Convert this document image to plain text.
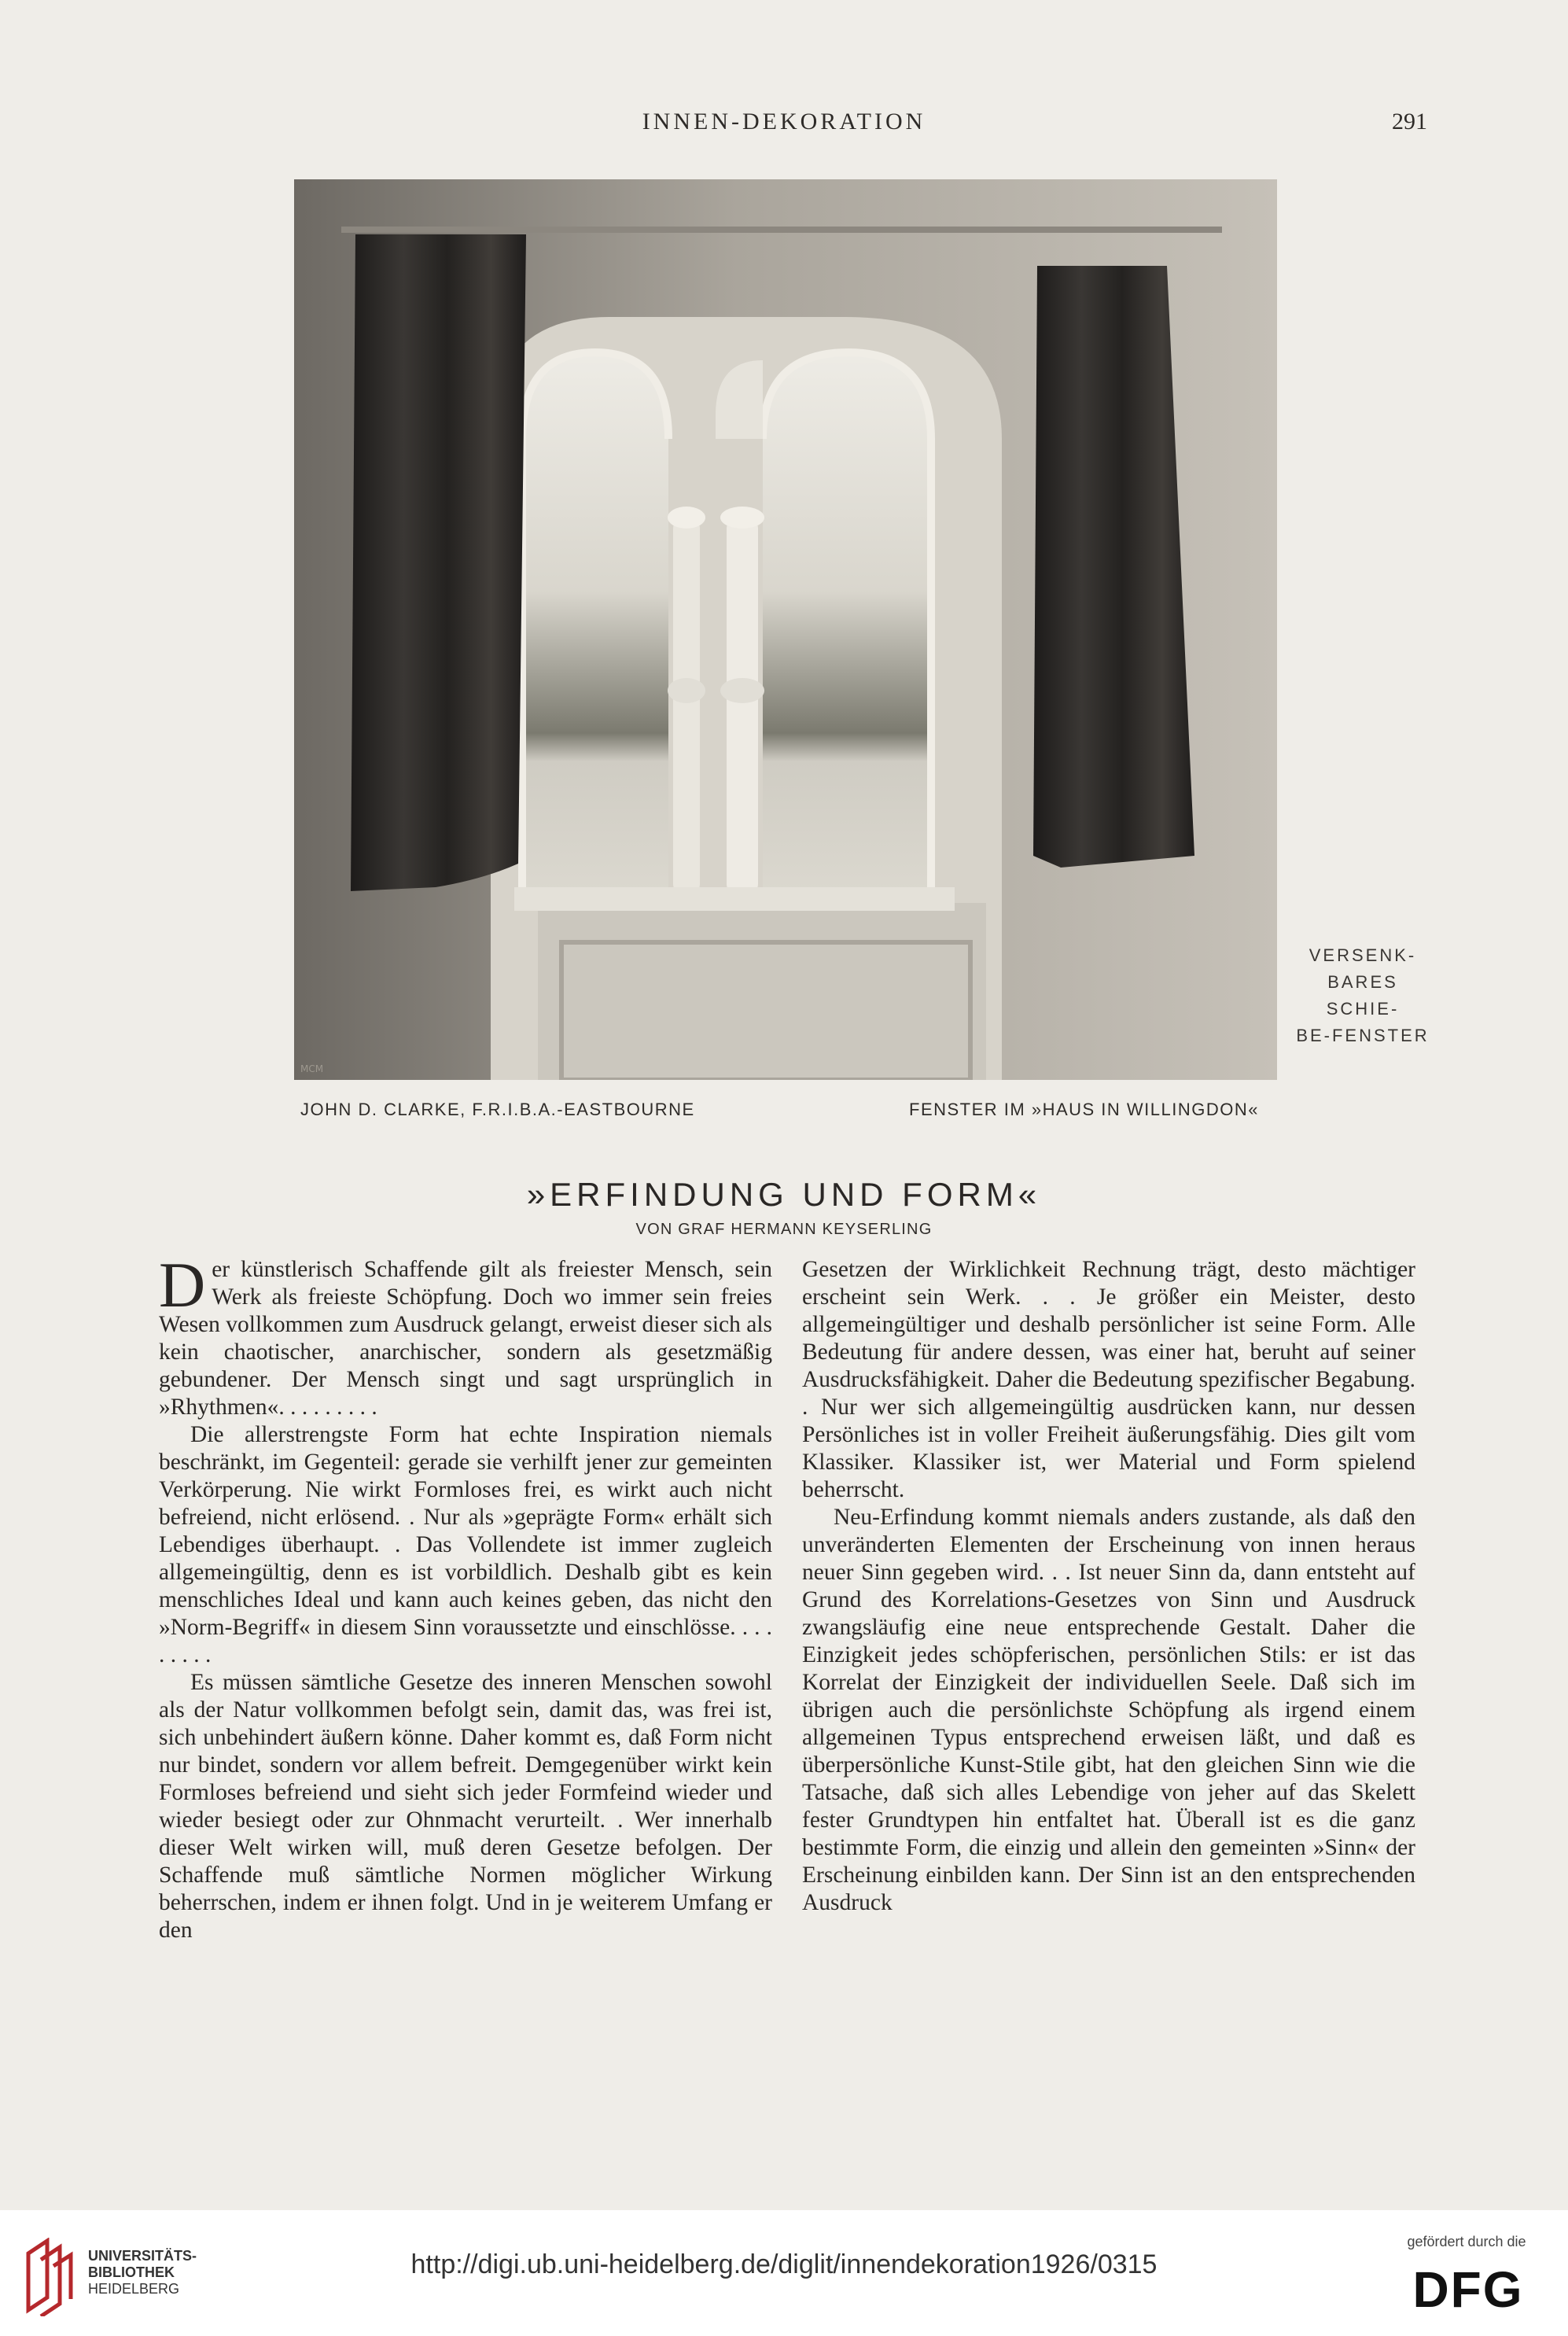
INNEN-DEKORATION	291
MCM
VERSENK-
BARES SCHIE-
BE-FENSTER
JOHN D. CLARKE, F.R.I.B.A.-EASTBOURNE	FENSTER IM »HAUS IN WILLINGDON«
»ERFINDUNG UND FORM«
VON GRAF HERMANN KEYSERLING

Der künstlerisch Schaffende gilt als freiester Mensch, sein Werk als freieste Schöpfung. Doch wo immer sein freies Wesen vollkommen zum Ausdruck gelangt, erweist dieser sich als kein chaotischer, anarchischer, sondern als gesetzmäßig gebundener. Der Mensch singt und sagt ursprünglich in »Rhythmen«. . . . . . . . .

Die allerstrengste Form hat echte Inspiration niemals beschränkt, im Gegenteil: gerade sie verhilft jener zur gemeinten Verkörperung. Nie wirkt Formloses frei, es wirkt auch nicht befreiend, nicht erlösend. . Nur als »geprägte Form« erhält sich Lebendiges überhaupt. . Das Vollendete ist immer zugleich allgemeingültig, denn es ist vorbildlich. Deshalb gibt es kein menschliches Ideal und kann auch keines geben, das nicht den »Norm-Begriff« in diesem Sinn voraussetzte und einschlösse. . . . . . . . .

Es müssen sämtliche Gesetze des inneren Menschen sowohl als der Natur vollkommen befolgt sein, damit das, was frei ist, sich unbehindert äußern könne. Daher kommt es, daß Form nicht nur bindet, sondern vor allem befreit. Demgegenüber wirkt kein Formloses befreiend und sieht sich jeder Formfeind wieder und wieder besiegt oder zur Ohnmacht verurteilt. . Wer innerhalb dieser Welt wirken will, muß deren Gesetze befolgen. Der Schaffende muß sämtliche Normen möglicher Wirkung beherrschen, indem er ihnen folgt. Und in je weiterem Umfang er den

Gesetzen der Wirklichkeit Rechnung trägt, desto mächtiger erscheint sein Werk. . . Je größer ein Meister, desto allgemeingültiger und deshalb persönlicher ist seine Form. Alle Bedeutung für andere dessen, was einer hat, beruht auf seiner Ausdrucksfähigkeit. Daher die Bedeutung spezifischer Begabung. . Nur wer sich allgemeingültig ausdrücken kann, nur dessen Persönliches ist in voller Freiheit äußerungsfähig. Dies gilt vom Klassiker. Klassiker ist, wer Material und Form spielend beherrscht.

Neu-Erfindung kommt niemals anders zustande, als daß den unveränderten Elementen der Erscheinung von innen heraus neuer Sinn gegeben wird. . . Ist neuer Sinn da, dann entsteht auf Grund des Korrelations-Gesetzes von Sinn und Ausdruck zwangsläufig eine neue entsprechende Gestalt. Daher die Einzigkeit jedes schöpferischen, persönlichen Stils: er ist das Korrelat der Einzigkeit der individuellen Seele. Daß sich im übrigen auch die persönlichste Schöpfung als irgend einem allgemeinen Typus entsprechend erweisen läßt, und daß es überpersönliche Kunst-Stile gibt, hat den gleichen Sinn wie die Tatsache, daß sich alles Lebendige von jeher auf das Skelett fester Grundtypen hin entfaltet hat. Überall ist es die ganz bestimmte Form, die einzig und allein den gemeinten »Sinn« der Erscheinung einbilden kann. Der Sinn ist an den entsprechenden Ausdruck

UNIVERSITÄTS-
BIBLIOTHEK
HEIDELBERG
http://digi.ub.uni-heidelberg.de/diglit/innendekoration1926/0315
gefördert durch die
DFG
